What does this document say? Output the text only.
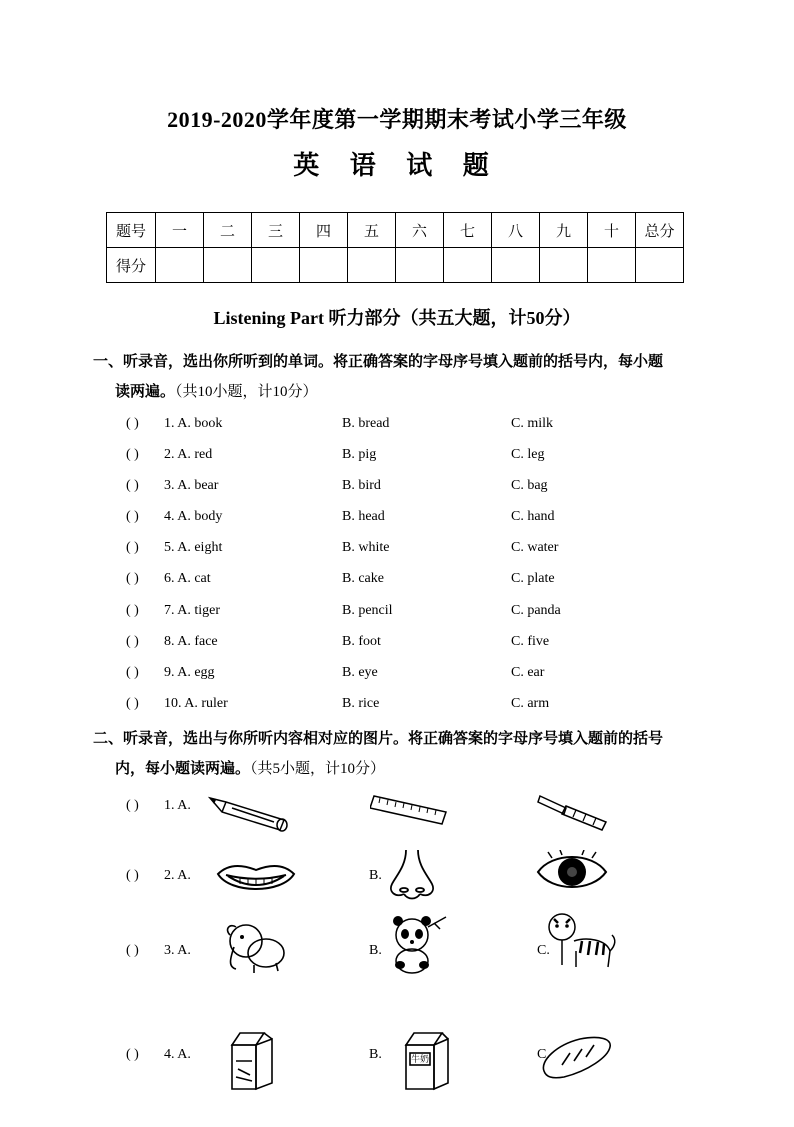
2019-2020学年度第一学期期末考试小学三年级
英 语 试 题
题号	一	二	三	四	五	六	七	八	九	十	总分
得分											
Listening Part 听力部分（共五大题，计50分）
一、听录音，选出你所听到的单词。将正确答案的字母序号填入题前的括号内，每小题
读两遍。（共10小题，计10分）
( ) 1. A. book	B. bread	C. milk
( ) 2. A. red	B. pig	C. leg
( ) 3. A. bear	B. bird	C. bag
( ) 4. A. body	B. head	C. hand
( ) 5. A. eight	B. white	C. water
( ) 6. A. cat	B. cake	C. plate
( ) 7. A. tiger	B. pencil	C. panda
( ) 8. A. face	B. foot	C. five
( ) 9. A. egg	B. eye	C. ear
( ) 10. A. ruler	B. rice	C. arm
二、听录音，选出与你所听内容相对应的图片。将正确答案的字母序号填入题前的括号
内，每小题读两遍。（共5小题，计10分）
( ) 1. A.
( ) 2. A.	B.
( ) 3. A.	B.	C.
( ) 4. A.	B.	牛奶	C.
